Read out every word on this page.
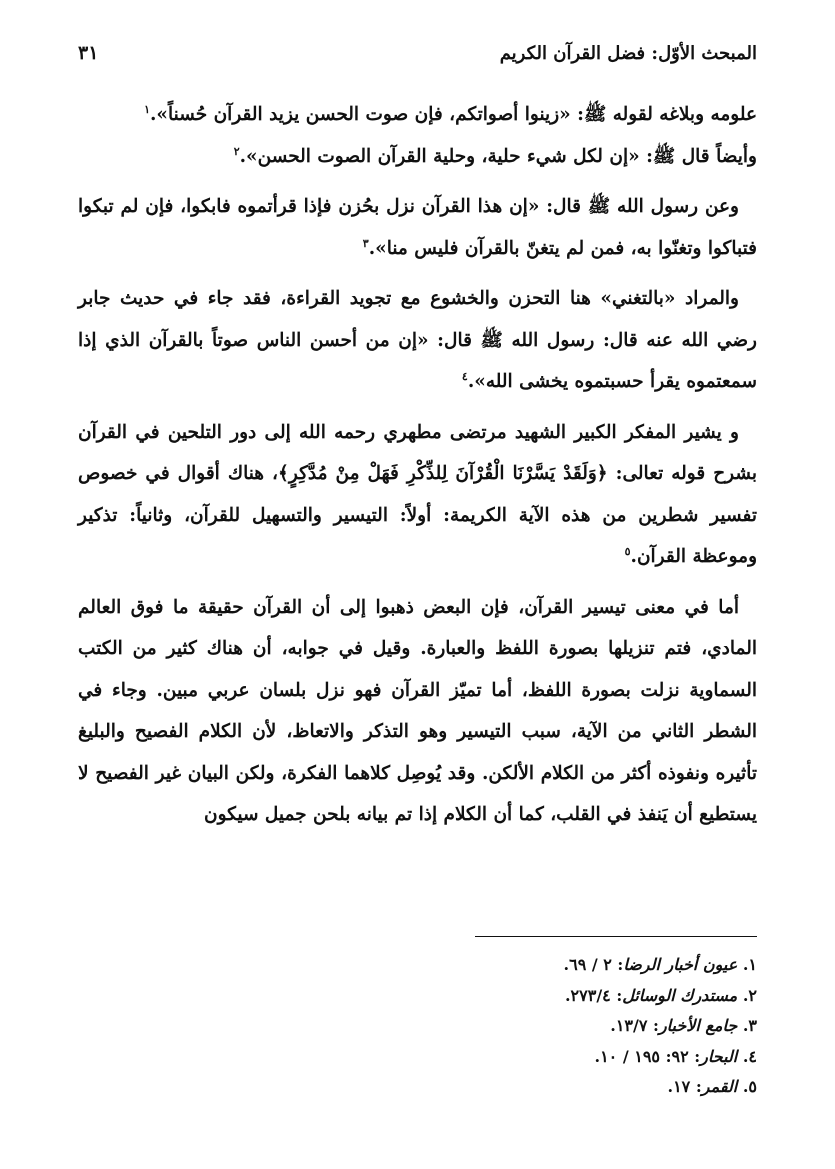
المبحث الأوّل: فضل القرآن الكريم
٣١

علومه وبلاغه لقوله ﷺ: «زينوا أصواتكم، فإن صوت الحسن يزيد القرآن حُسناً».$^١$
وأيضاً قال ﷺ: «إن لكل شيء حلية، وحلية القرآن الصوت الحسن».$^٢$

وعن رسول الله ﷺ قال: «إن هذا القرآن نزل بحُزن فإذا قرأتموه فابكوا، فإن لم تبكوا فتباكوا وتغنّوا به، فمن لم يتغنّ بالقرآن فليس منا».$^٣$

والمراد «بالتغني» هنا التحزن والخشوع مع تجويد القراءة، فقد جاء في حديث جابر رضي الله عنه قال: رسول الله ﷺ قال: «إن من أحسن الناس صوتاً بالقرآن الذي إذا سمعتموه يقرأ حسبتموه يخشى الله».$^٤$

و يشير المفكر الكبير الشهيد مرتضى مطهري رحمه الله إلى دور التلحين في القرآن بشرح قوله تعالى: ﴿وَلَقَدْ يَسَّرْنَا الْقُرْآنَ لِلذِّكْرِ فَهَلْ مِنْ مُدَّكِرٍ﴾، هناك أقوال في خصوص تفسير شطرين من هذه الآية الكريمة: أولاً: التيسير والتسهيل للقرآن، وثانياً: تذكير وموعظة القرآن.$^٥$

أما في معنى تيسير القرآن، فإن البعض ذهبوا إلى أن القرآن حقيقة ما فوق العالم المادي، فتم تنزيلها بصورة اللفظ والعبارة. وقيل في جوابه، أن هناك كثير من الكتب السماوية نزلت بصورة اللفظ، أما تميّز القرآن فهو نزل بلسان عربي مبين. وجاء في الشطر الثاني من الآية، سبب التيسير وهو التذكر والاتعاظ، لأن الكلام الفصيح والبليغ تأثيره ونفوذه أكثر من الكلام الألكن. وقد يُوصِل كلاهما الفكرة، ولكن البيان غير الفصيح لا يستطيع أن يَنفذ في القلب، كما أن الكلام إذا تم بيانه بلحن جميل سيكون

١. عيون أخبار الرضا: ٢ / ٦٩.
٢. مستدرك الوسائل: ٢٧٣/٤.
٣. جامع الأخبار: ١٣/٧.
٤. البحار: ٩٢: ١٩٥ / ١٠.
٥. القمر: ١٧.
